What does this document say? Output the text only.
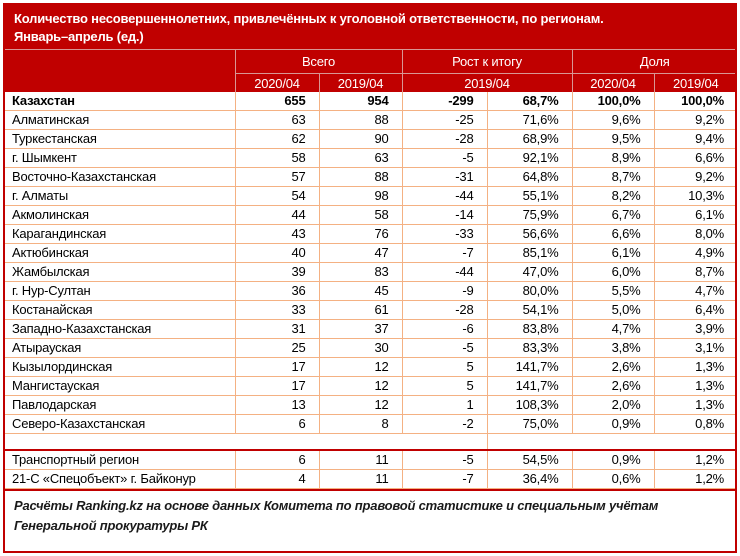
Количество несовершеннолетних, привлечённых к уголовной ответственности, по регионам.
Январь–апрель (ед.)
	Всего		Рост к итогу		Доля	
	2020/04	2019/04	2019/04		2020/04	2019/04
Казахстан	655	954	-299	68,7%	100,0%	100,0%
Алматинская	63	88	-25	71,6%	9,6%	9,2%
Туркестанская	62	90	-28	68,9%	9,5%	9,4%
г. Шымкент	58	63	-5	92,1%	8,9%	6,6%
Восточно-Казахстанская	57	88	-31	64,8%	8,7%	9,2%
г. Алматы	54	98	-44	55,1%	8,2%	10,3%
Акмолинская	44	58	-14	75,9%	6,7%	6,1%
Карагандинская	43	76	-33	56,6%	6,6%	8,0%
Актюбинская	40	47	-7	85,1%	6,1%	4,9%
Жамбылская	39	83	-44	47,0%	6,0%	8,7%
г. Нур-Султан	36	45	-9	80,0%	5,5%	4,7%
Костанайская	33	61	-28	54,1%	5,0%	6,4%
Западно-Казахстанская	31	37	-6	83,8%	4,7%	3,9%
Атырауская	25	30	-5	83,3%	3,8%	3,1%
Кызылординская	17	12	5	141,7%	2,6%	1,3%
Мангистауская	17	12	5	141,7%	2,6%	1,3%
Павлодарская	13	12	1	108,3%	2,0%	1,3%
Северо-Казахстанская	6	8	-2	75,0%	0,9%	0,8%

Транспортный регион	6	11	-5	54,5%	0,9%	1,2%
21-С «Спецобъект» г. Байконур	4	11	-7	36,4%	0,6%	1,2%
Расчёты Ranking.kz на основе данных Комитета по правовой статистике и специальным учётам
Генеральной прокуратуры РК
